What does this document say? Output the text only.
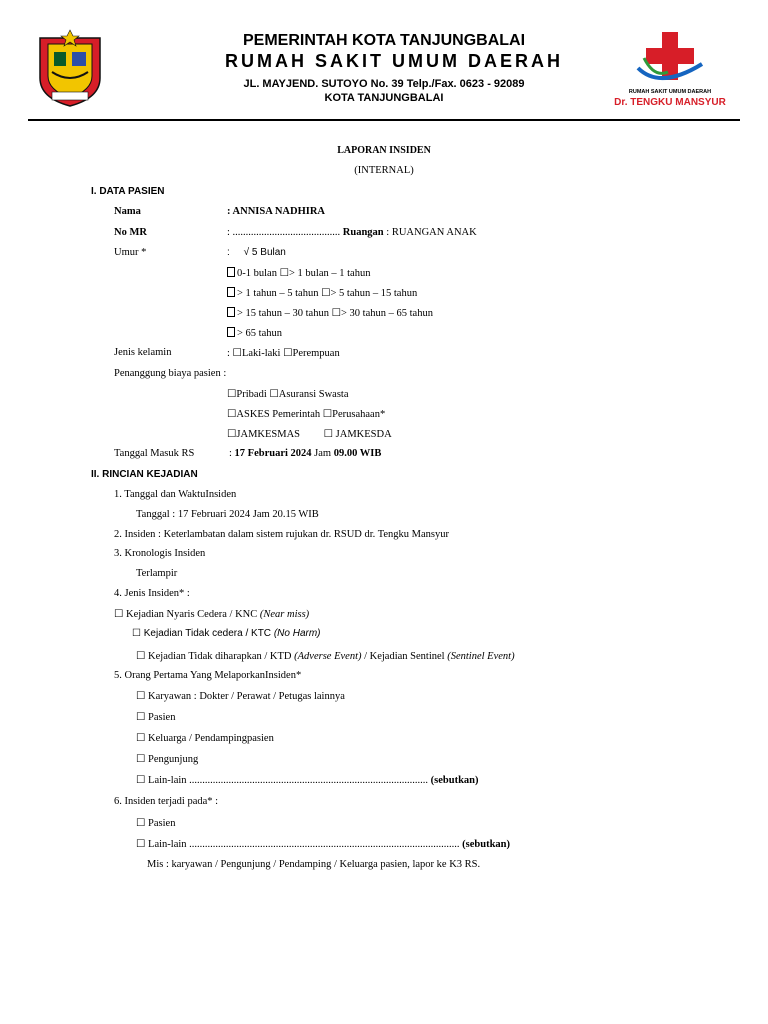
PEMERINTAH KOTA TANJUNGBALAI
RUMAH SAKIT UMUM DAERAH
JL. MAYJEND. SUTOYO No. 39 Telp./Fax. 0623 - 92089
KOTA TANJUNGBALAI	RUMAH SAKIT UMUM DAERAH
Dr. TENGKU MANSYUR
LAPORAN INSIDEN
(INTERNAL)
I. DATA PASIEN
Nama	: ANNISA NADHIRA
No MR	: ......................................... Ruangan : RUANGAN ANAK
Umur *	:     √ 5 Bulan
0-1 bulan ☐> 1 bulan – 1 tahun
> 1 tahun – 5 tahun ☐> 5 tahun – 15 tahun
> 15 tahun – 30 tahun ☐> 30 tahun – 65 tahun
> 65 tahun
Jenis kelamin	: ☐Laki-laki ☐Perempuan
Penanggung biaya pasien :
☐Pribadi ☐Asuransi Swasta
☐ASKES Pemerintah ☐Perusahaan*
☐JAMKESMAS         ☐ JAMKESDA
Tanggal Masuk RS	: 17 Februari 2024 Jam 09.00 WIB
II. RINCIAN KEJADIAN
1. Tanggal dan WaktuInsiden
Tanggal : 17 Februari 2024 Jam 20.15 WIB
2. Insiden : Keterlambatan dalam sistem rujukan dr. RSUD dr. Tengku Mansyur
3. Kronologis Insiden
Terlampir
4. Jenis Insiden* :
☐ Kejadian Nyaris Cedera / KNC (Near miss)
☐ Kejadian Tidak cedera / KTC (No Harm)
☐ Kejadian Tidak diharapkan / KTD (Adverse Event) / Kejadian Sentinel (Sentinel Event)
5. Orang Pertama Yang MelaporkanInsiden*
☐ Karyawan : Dokter / Perawat / Petugas lainnya
☐ Pasien
☐ Keluarga / Pendampingpasien
☐ Pengunjung
☐ Lain-lain ........................................................................................... (sebutkan)
6. Insiden terjadi pada* :
☐ Pasien
☐ Lain-lain ....................................................................................................... (sebutkan)
Mis : karyawan / Pengunjung / Pendamping / Keluarga pasien, lapor ke K3 RS.
